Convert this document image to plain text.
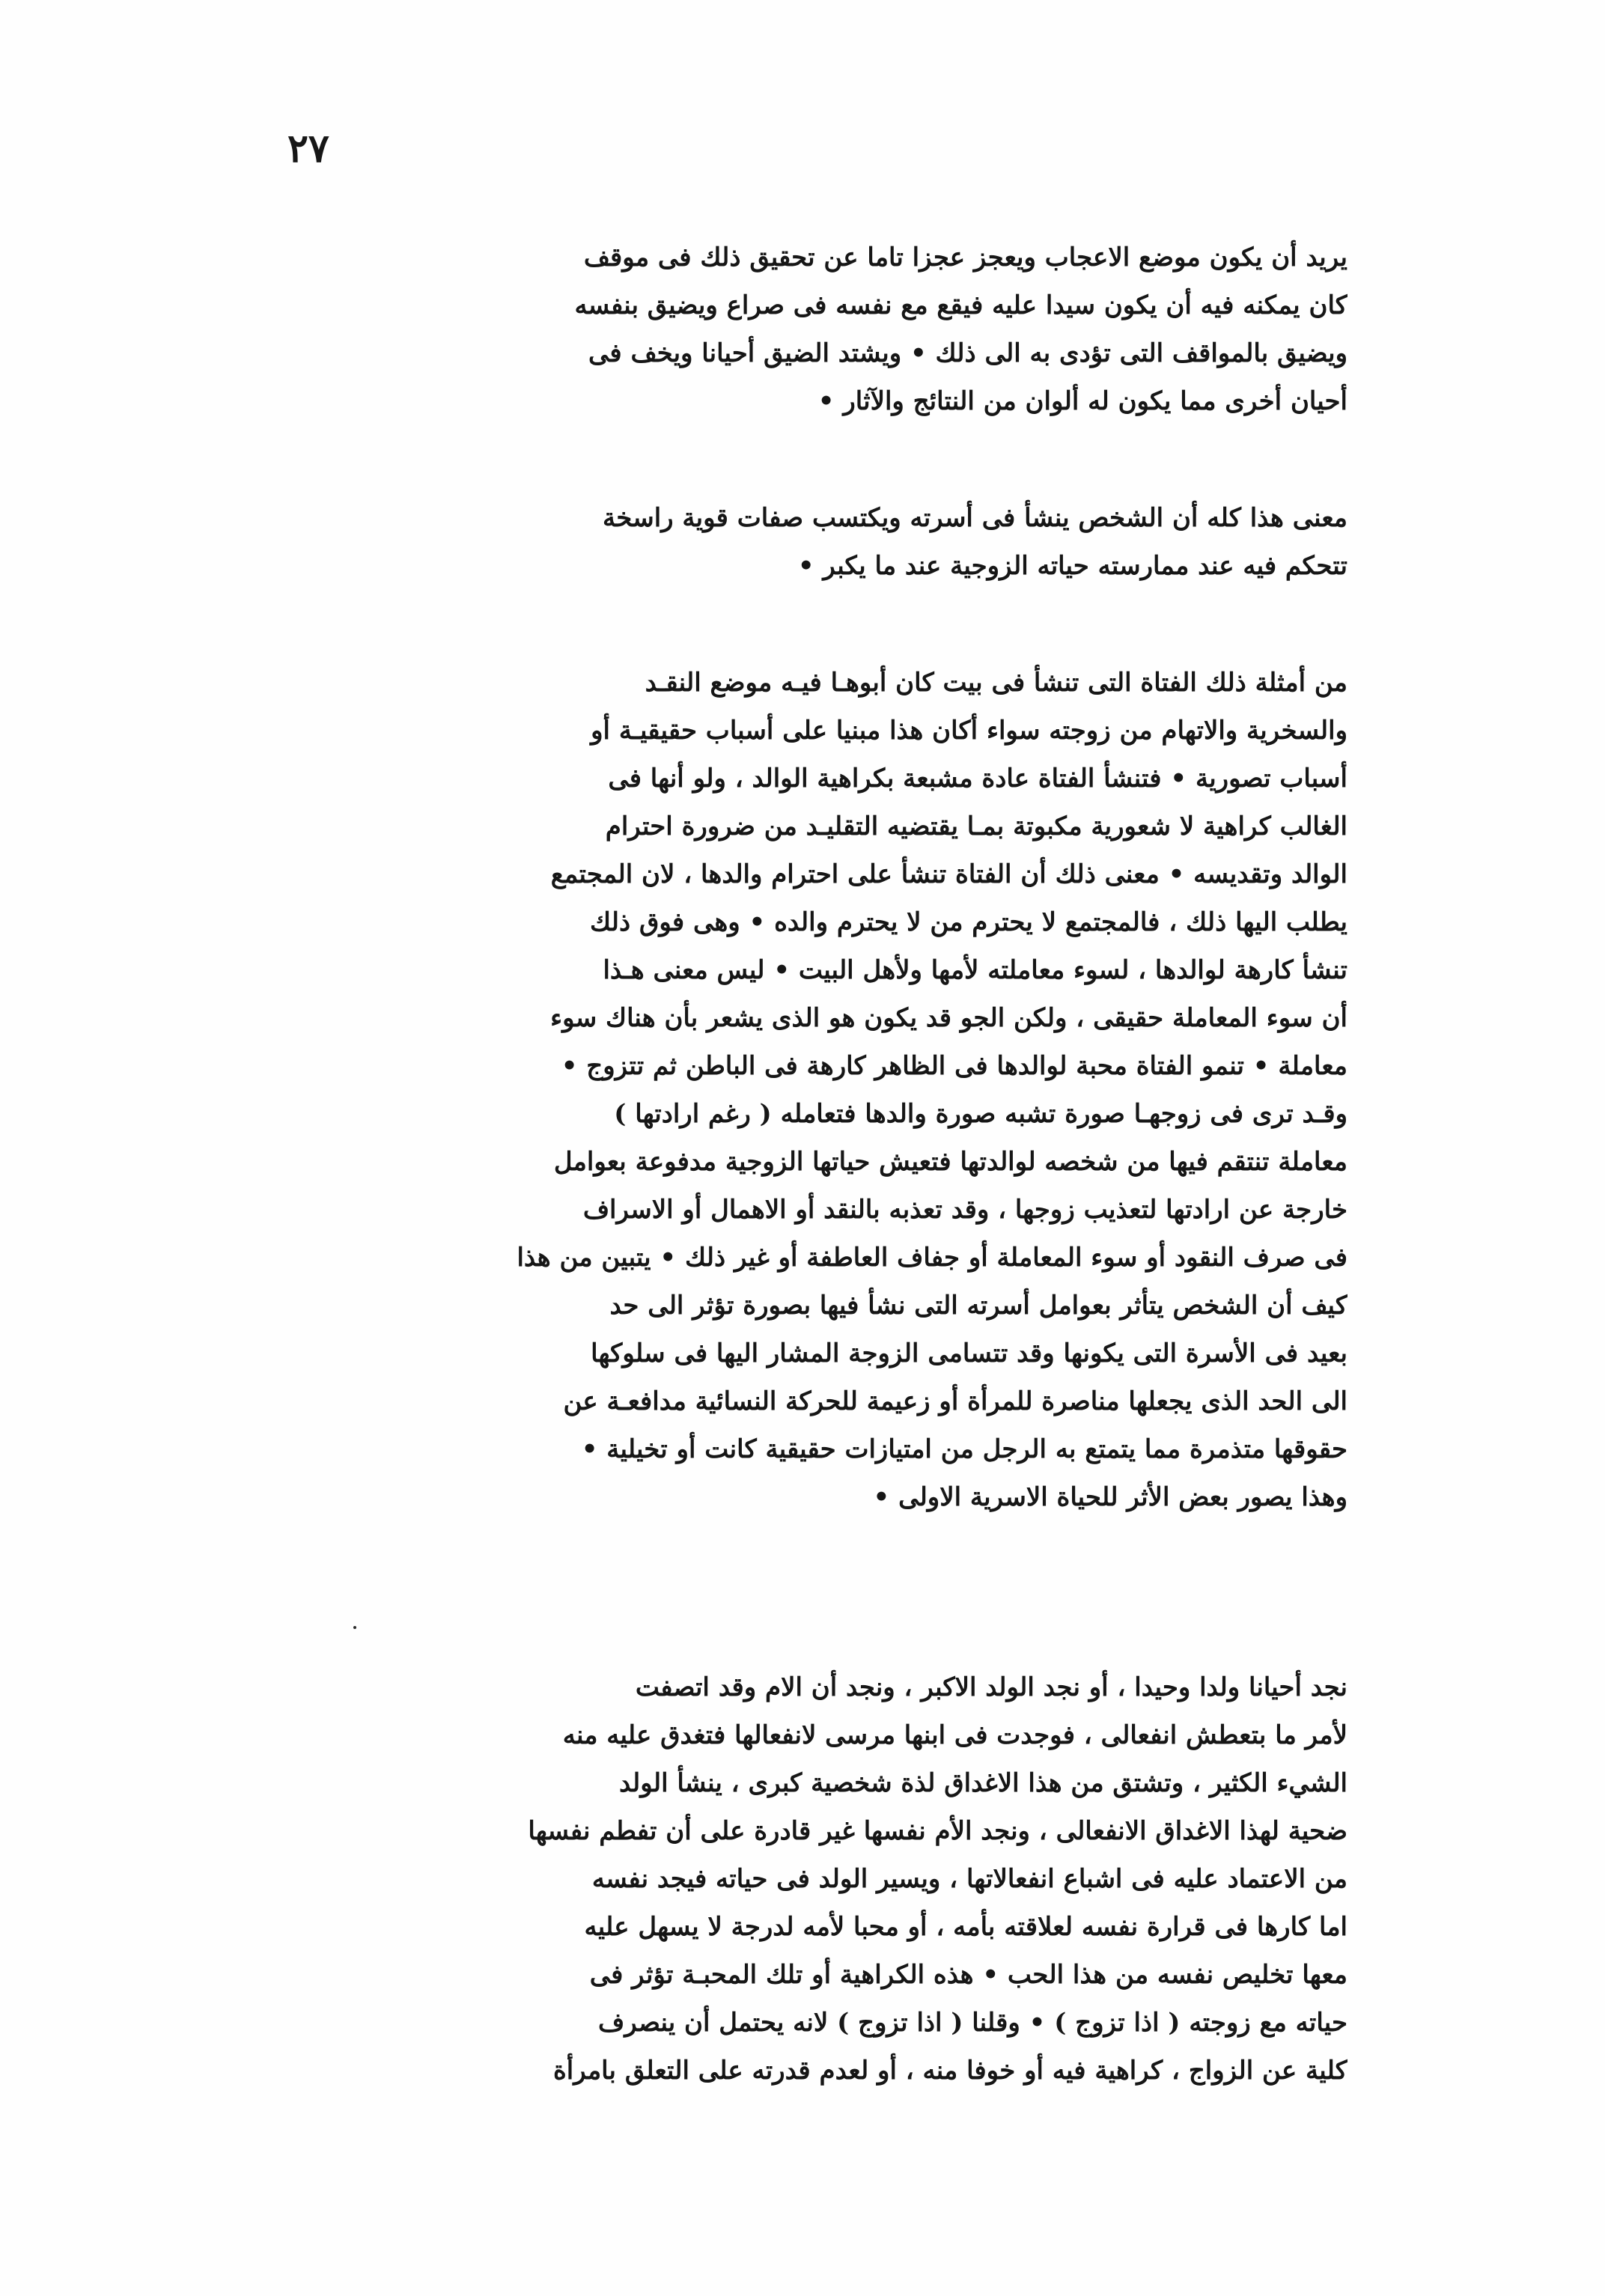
٢٧
يريد أن يكون موضع الاعجاب ويعجز عجزا تاما عن تحقيق ذلك فى موقف
كان يمكنه فيه أن يكون سيدا عليه فيقع مع نفسه فى صراع ويضيق بنفسه
ويضيق بالمواقف التى تؤدى به الى ذلك • ويشتد الضيق أحيانا ويخف فى
أحيان أخرى مما يكون له ألوان من النتائج والآثار •
معنى هذا كله أن الشخص ينشأ فى أسرته ويكتسب صفات قوية راسخة
تتحكم فيه عند ممارسته حياته الزوجية عند ما يكبر •
من أمثلة ذلك الفتاة التى تنشأ فى بيت كان أبوهـا فيـه موضع النقـد
والسخرية والاتهام من زوجته سواء أكان هذا مبنيا على أسباب حقيقيـة أو
أسباب تصورية • فتنشأ الفتاة عادة مشبعة بكراهية الوالد ، ولو أنها فى
الغالب كراهية لا شعورية مكبوتة بمـا يقتضيه التقليـد من ضرورة احترام
الوالد وتقديسه • معنى ذلك أن الفتاة تنشأ على احترام والدها ، لان المجتمع
يطلب اليها ذلك ، فالمجتمع لا يحترم من لا يحترم والده • وهى فوق ذلك
تنشأ كارهة لوالدها ، لسوء معاملته لأمها ولأهل البيت • ليس معنى هـذا
أن سوء المعاملة حقيقى ، ولكن الجو قد يكون هو الذى يشعر بأن هناك سوء
معاملة • تنمو الفتاة محبة لوالدها فى الظاهر كارهة فى الباطن ثم تتزوج •
وقـد ترى فى زوجهـا صورة تشبه صورة والدها فتعامله ( رغم ارادتها )
معاملة تنتقم فيها من شخصه لوالدتها فتعيش حياتها الزوجية مدفوعة بعوامل
خارجة عن ارادتها لتعذيب زوجها ، وقد تعذبه بالنقد أو الاهمال أو الاسراف
فى صرف النقود أو سوء المعاملة أو جفاف العاطفة أو غير ذلك • يتبين من هذا
كيف أن الشخص يتأثر بعوامل أسرته التى نشأ فيها بصورة تؤثر الى حد
بعيد فى الأسرة التى يكونها وقد تتسامى الزوجة المشار اليها فى سلوكها
الى الحد الذى يجعلها مناصرة للمرأة أو زعيمة للحركة النسائية مدافعـة عن
حقوقها متذمرة مما يتمتع به الرجل من امتيازات حقيقية كانت أو تخيلية •
وهذا يصور بعض الأثر للحياة الاسرية الاولى •
نجد أحيانا ولدا وحيدا ، أو نجد الولد الاكبر ، ونجد أن الام وقد اتصفت
لأمر ما بتعطش انفعالى ، فوجدت فى ابنها مرسى لانفعالها فتغدق عليه منه
الشيء الكثير ، وتشتق من هذا الاغداق لذة شخصية كبرى ، ينشأ الولد
ضحية لهذا الاغداق الانفعالى ، ونجد الأم نفسها غير قادرة على أن تفطم نفسها
من الاعتماد عليه فى اشباع انفعالاتها ، ويسير الولد فى حياته فيجد نفسه
اما كارها فى قرارة نفسه لعلاقته بأمه ، أو محبا لأمه لدرجة لا يسهل عليه
معها تخليص نفسه من هذا الحب • هذه الكراهية أو تلك المحبـة تؤثر فى
حياته مع زوجته ( اذا تزوج ) • وقلنا ( اذا تزوج ) لانه يحتمل أن ينصرف
كلية عن الزواج ، كراهية فيه أو خوفا منه ، أو لعدم قدرته على التعلق بامرأة
